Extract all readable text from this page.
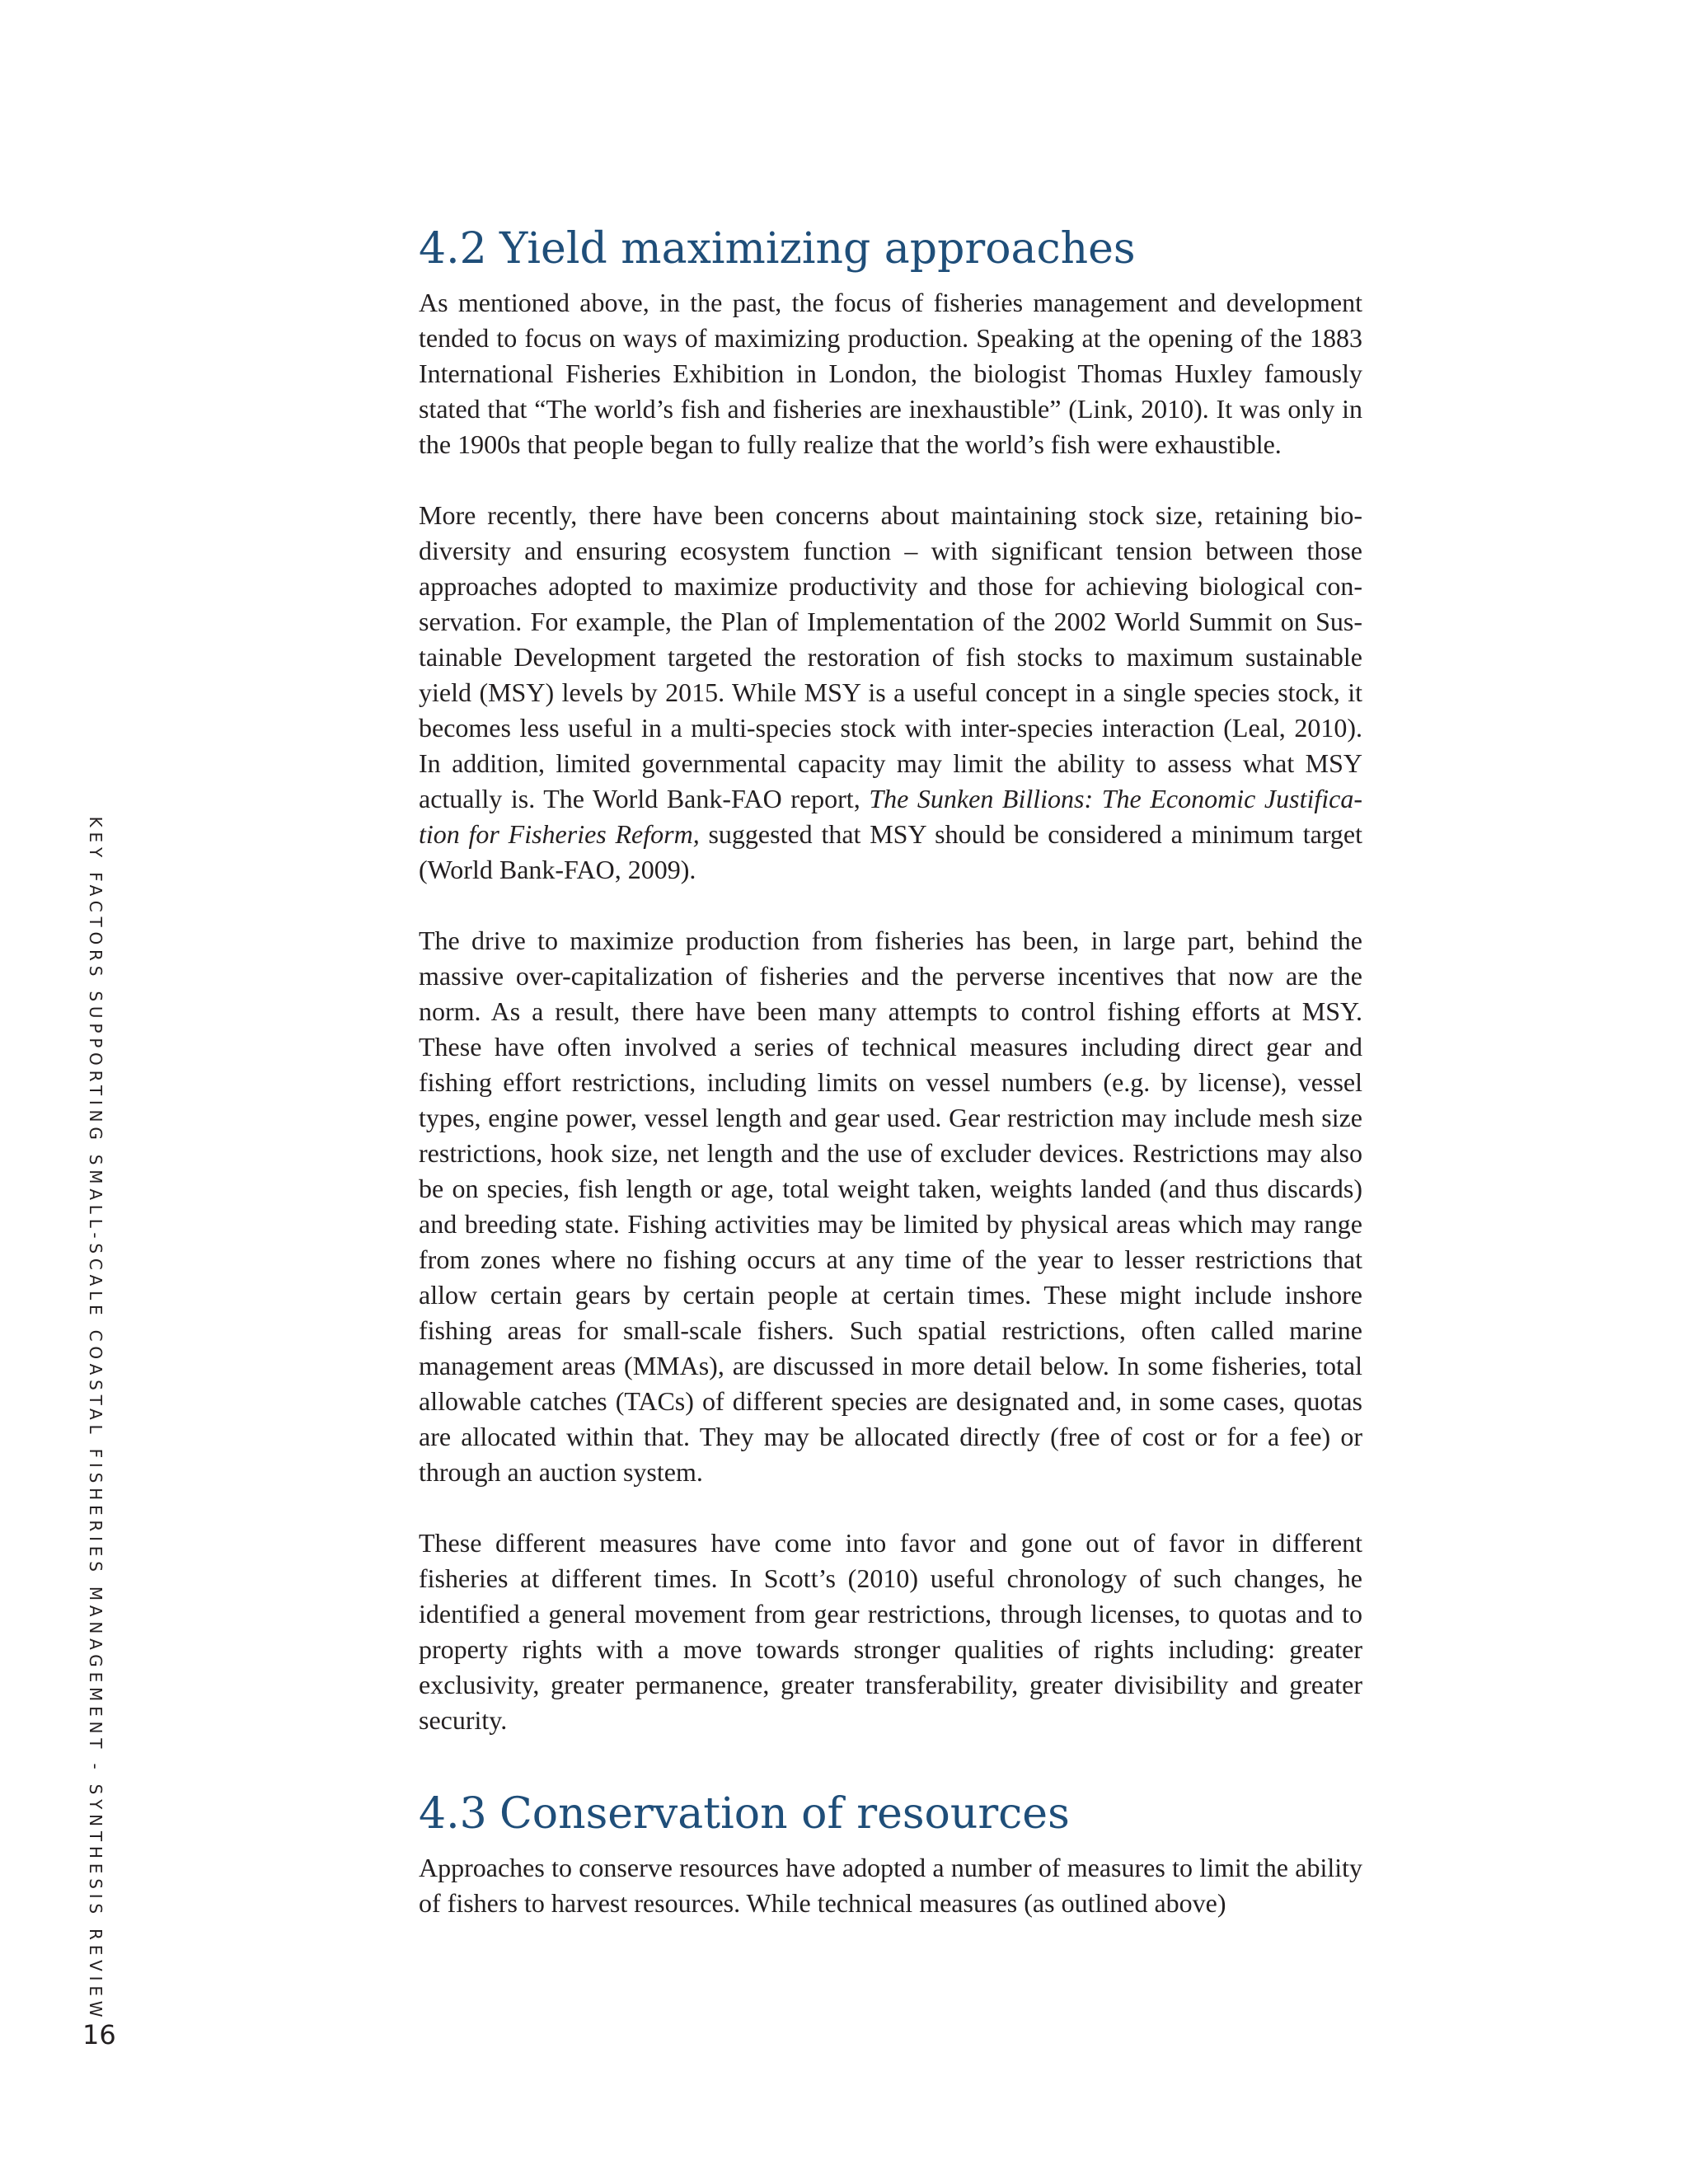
KEY FACTORS SUPPORTING SMALL-SCALE COASTAL FISHERIES MANAGEMENT - SYNTHESIS REVIEW
4.2 Yield maximizing approaches

As mentioned above, in the past, the focus of fisheries management and development tended to focus on ways of maximizing production. Speaking at the opening of the 1883 International Fisheries Exhibition in London, the biologist Thomas Huxley famously stated that “The world’s fish and fisheries are inexhaustible” (Link, 2010). It was only in the 1900s that people began to fully realize that the world’s fish were exhaustible.

More recently, there have been concerns about maintaining stock size, retaining biodiversity and ensuring ecosystem function – with significant tension between those approaches adopted to maximize productivity and those for achieving biological conservation. For example, the Plan of Implementation of the 2002 World Summit on Sustainable Development targeted the restoration of fish stocks to maximum sustainable yield (MSY) levels by 2015. While MSY is a useful concept in a single species stock, it becomes less useful in a multi-species stock with inter-species interaction (Leal, 2010). In addition, limited governmental capacity may limit the ability to assess what MSY actually is. The World Bank-FAO report, The Sunken Billions: The Economic Justification for Fisheries Reform, suggested that MSY should be considered a minimum target (World Bank-FAO, 2009).

The drive to maximize production from fisheries has been, in large part, behind the massive over-capitalization of fisheries and the perverse incentives that now are the norm. As a result, there have been many attempts to control fishing efforts at MSY. These have often involved a series of technical measures including direct gear and fishing effort restrictions, including limits on vessel numbers (e.g. by license), vessel types, engine power, vessel length and gear used. Gear restriction may include mesh size restrictions, hook size, net length and the use of excluder devices. Restrictions may also be on species, fish length or age, total weight taken, weights landed (and thus discards) and breeding state. Fishing activities may be limited by physical areas which may range from zones where no fishing occurs at any time of the year to lesser restrictions that allow certain gears by certain people at certain times. These might include inshore fishing areas for small-scale fishers. Such spatial restrictions, often called marine management areas (MMAs), are discussed in more detail below. In some fisheries, total allowable catches (TACs) of different species are designated and, in some cases, quotas are allocated within that. They may be allocated directly (free of cost or for a fee) or through an auction system.

These different measures have come into favor and gone out of favor in different fisheries at different times. In Scott’s (2010) useful chronology of such changes, he identified a general movement from gear restrictions, through licenses, to quotas and to property rights with a move towards stronger qualities of rights including: greater exclusivity, greater permanence, greater transferability, greater divisibility and greater security.

4.3 Conservation of resources

Approaches to conserve resources have adopted a number of measures to limit the ability of fishers to harvest resources. While technical measures (as outlined above)

16
